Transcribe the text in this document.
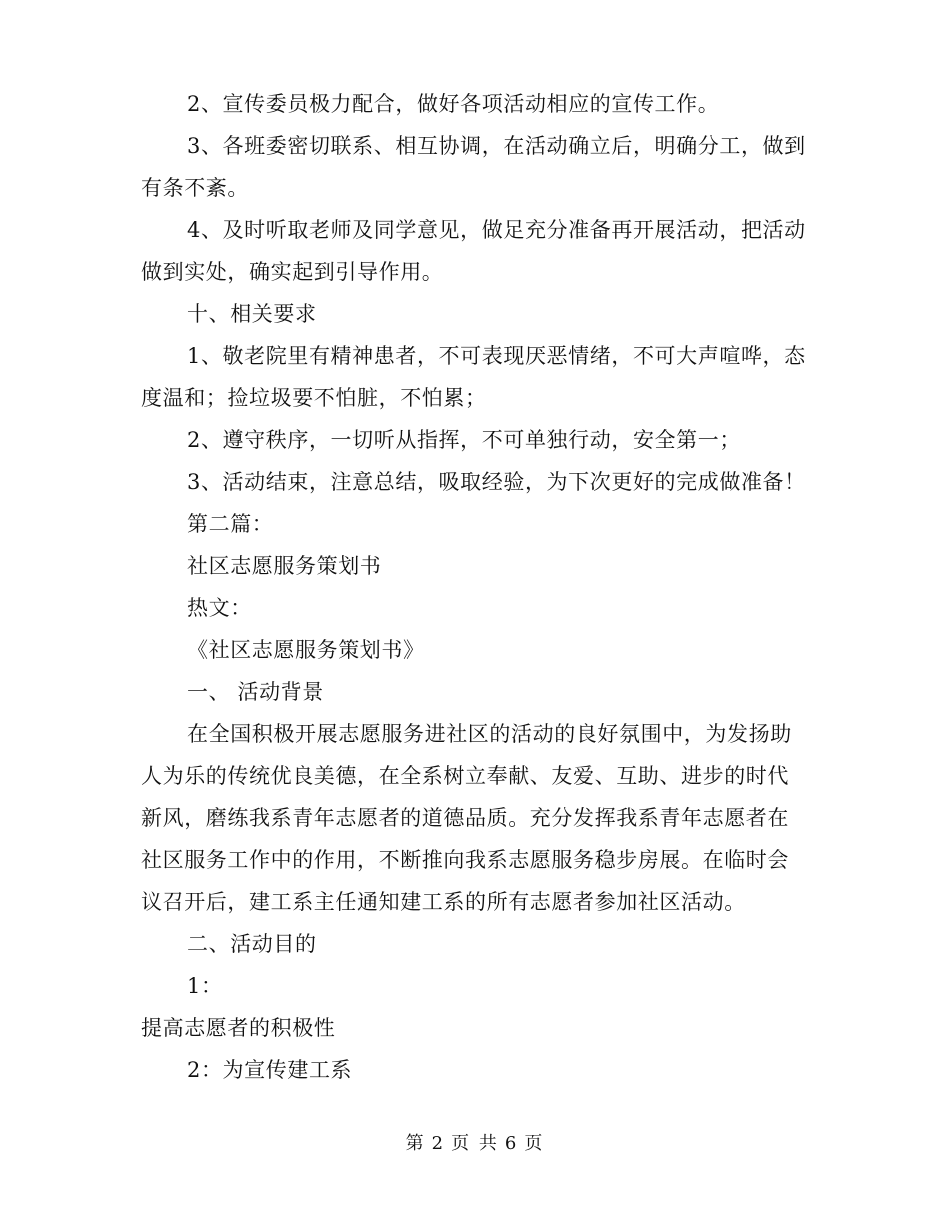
2、宣传委员极力配合，做好各项活动相应的宣传工作。
3、各班委密切联系、相互协调，在活动确立后，明确分工，做到
有条不紊。
4、及时听取老师及同学意见，做足充分准备再开展活动，把活动
做到实处，确实起到引导作用。
十、相关要求
1、敬老院里有精神患者，不可表现厌恶情绪，不可大声喧哗，态
度温和；捡垃圾要不怕脏，不怕累；
2、遵守秩序，一切听从指挥，不可单独行动，安全第一；
3、活动结束，注意总结，吸取经验，为下次更好的完成做准备！
第二篇：
社区志愿服务策划书
热文：
《社区志愿服务策划书》
一、 活动背景
在全国积极开展志愿服务进社区的活动的良好氛围中，为发扬助
人为乐的传统优良美德，在全系树立奉献、友爱、互助、进步的时代
新风，磨练我系青年志愿者的道德品质。充分发挥我系青年志愿者在
社区服务工作中的作用，不断推向我系志愿服务稳步房展。在临时会
议召开后，建工系主任通知建工系的所有志愿者参加社区活动。
二、活动目的
1：
提高志愿者的积极性
2：为宣传建工系
第 2 页 共 6 页
